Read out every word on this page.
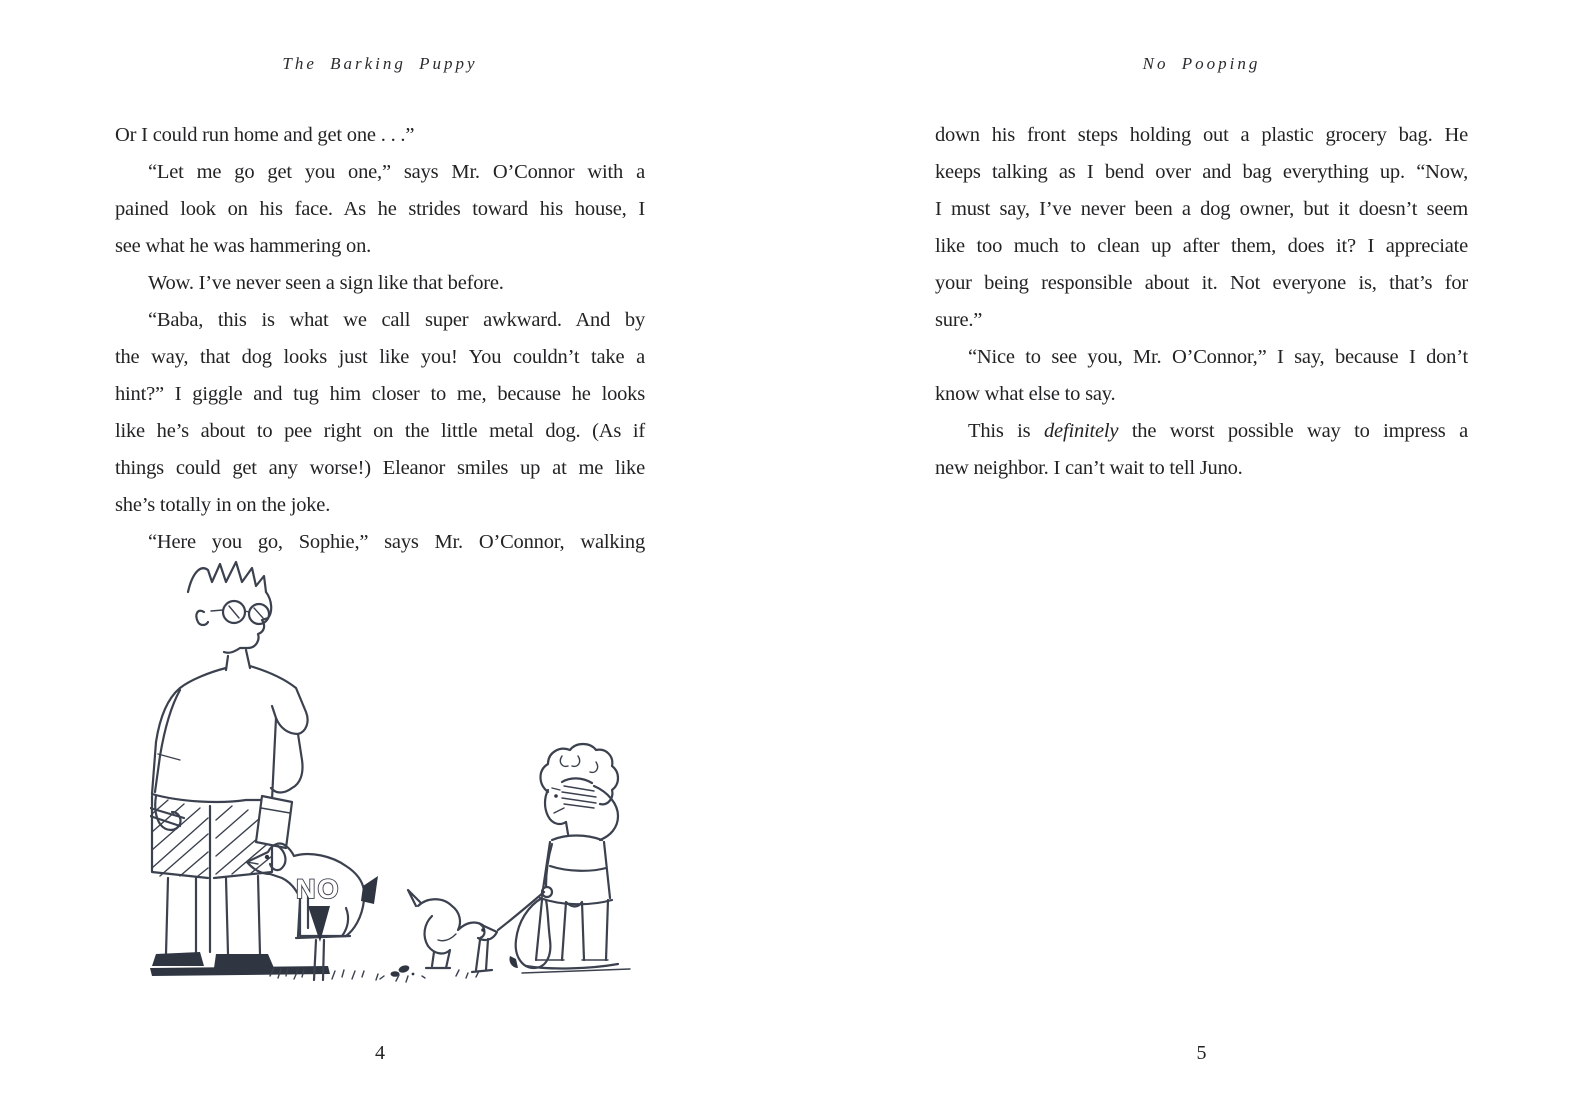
The Barking Puppy
Or I could run home and get one . . .”
“Let me go get you one,” says Mr. O’Connor with a
pained look on his face. As he strides toward his house, I
see what he was hammering on.
Wow. I’ve never seen a sign like that before.
“Baba, this is what we call super awkward. And by
the way, that dog looks just like you! You couldn’t take a
hint?” I giggle and tug him closer to me, because he looks
like he’s about to pee right on the little metal dog. (As if
things could get any worse!) Eleanor smiles up at me like
she’s totally in on the joke.
“Here you go, Sophie,” says Mr. O’Connor, walking
4
No Pooping
down his front steps holding out a plastic grocery bag. He
keeps talking as I bend over and bag everything up. “Now,
I must say, I’ve never been a dog owner, but it doesn’t seem
like too much to clean up after them, does it? I appreciate
your being responsible about it. Not everyone is, that’s for
sure.”
“Nice to see you, Mr. O’Connor,” I say, because I don’t
know what else to say.
This is definitely the worst possible way to impress a
new neighbor. I can’t wait to tell Juno.
5
NO
